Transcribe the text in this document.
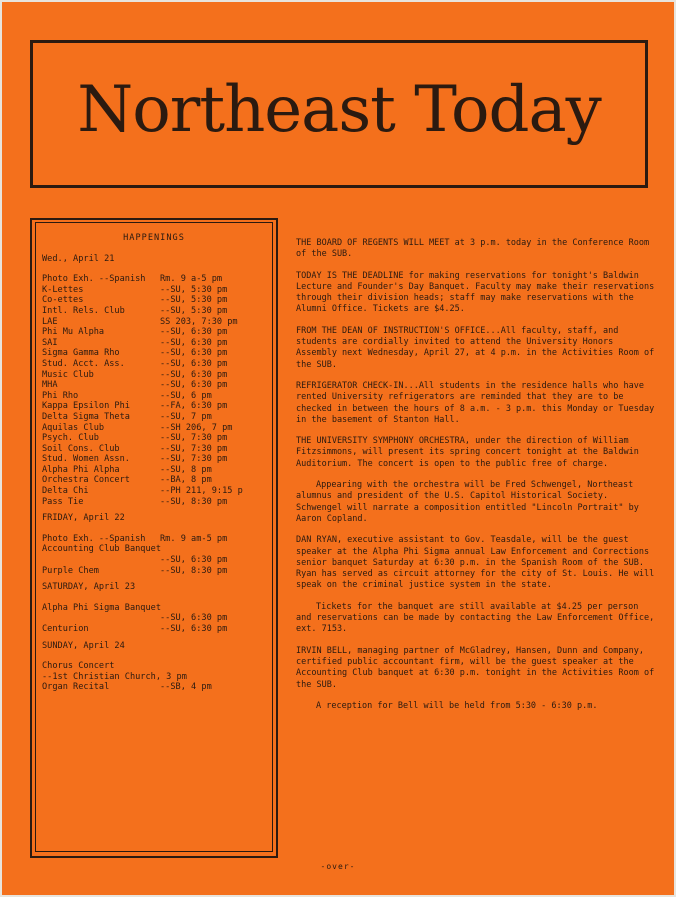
Northeast Today
HAPPENINGS
Wed., April 21
Photo Exh. --Spanish	Rm. 9 a-5 pm
K-Lettes	--SU, 5:30 pm
Co-ettes	--SU, 5:30 pm
Intl. Rels. Club	--SU, 5:30 pm
LAE	SS 203, 7:30 pm
Phi Mu Alpha	--SU, 6:30 pm
SAI	--SU, 6:30 pm
Sigma Gamma Rho	--SU, 6:30 pm
Stud. Acct. Ass.	--SU, 6:30 pm
Music Club	--SU, 6:30 pm
MHA	--SU, 6:30 pm
Phi Rho	--SU, 6 pm
Kappa Epsilon Phi	--FA, 6:30 pm
Delta Sigma Theta	--SU, 7 pm
Aquilas Club	--SH 206, 7 pm
Psych. Club	--SU, 7:30 pm
Soil Cons. Club	--SU, 7:30 pm
Stud. Women Assn.	--SU, 7:30 pm
Alpha Phi Alpha	--SU, 8 pm
Orchestra Concert	--BA, 8 pm
Delta Chi	--PH 211, 9:15 p
Pass Tie	--SU, 8:30 pm
FRIDAY, April 22
Photo Exh. --Spanish	Rm. 9 am-5 pm
Accounting Club Banquet
--SU, 6:30 pm
Purple Chem	--SU, 8:30 pm
SATURDAY, April 23
Alpha Phi Sigma Banquet
--SU, 6:30 pm
Centurion	--SU, 6:30 pm
SUNDAY, April 24
Chorus Concert
--1st Christian Church, 3 pm
Organ Recital	--SB, 4 pm

THE BOARD OF REGENTS WILL MEET at 3 p.m. today in the Conference Room of the SUB.

TODAY IS THE DEADLINE for making reservations for tonight's Baldwin Lecture and Founder's Day Banquet. Faculty may make their reservations through their division heads; staff may make reservations with the Alumni Office. Tickets are $4.25.

FROM THE DEAN OF INSTRUCTION'S OFFICE...All faculty, staff, and students are cordially invited to attend the University Honors Assembly next Wednesday, April 27, at 4 p.m. in the Activities Room of the SUB.

REFRIGERATOR CHECK-IN...All students in the residence halls who have rented University refrigerators are reminded that they are to be checked in between the hours of 8 a.m. - 3 p.m. this Monday or Tuesday in the basement of Stanton Hall.

THE UNIVERSITY SYMPHONY ORCHESTRA, under the direction of William Fitzsimmons, will present its spring concert tonight at the Baldwin Auditorium. The concert is open to the public free of charge.

Appearing with the orchestra will be Fred Schwengel, Northeast alumnus and president of the U.S. Capitol Historical Society. Schwengel will narrate a composition entitled "Lincoln Portrait" by Aaron Copland.

DAN RYAN, executive assistant to Gov. Teasdale, will be the guest speaker at the Alpha Phi Sigma annual Law Enforcement and Corrections senior banquet Saturday at 6:30 p.m. in the Spanish Room of the SUB. Ryan has served as circuit attorney for the city of St. Louis. He will speak on the criminal justice system in the state.

Tickets for the banquet are still available at $4.25 per person and reservations can be made by contacting the Law Enforcement Office, ext. 7153.

IRVIN BELL, managing partner of McGladrey, Hansen, Dunn and Company, certified public accountant firm, will be the guest speaker at the Accounting Club banquet at 6:30 p.m. tonight in the Activities Room of the SUB.

A reception for Bell will be held from 5:30 - 6:30 p.m.

-over-
